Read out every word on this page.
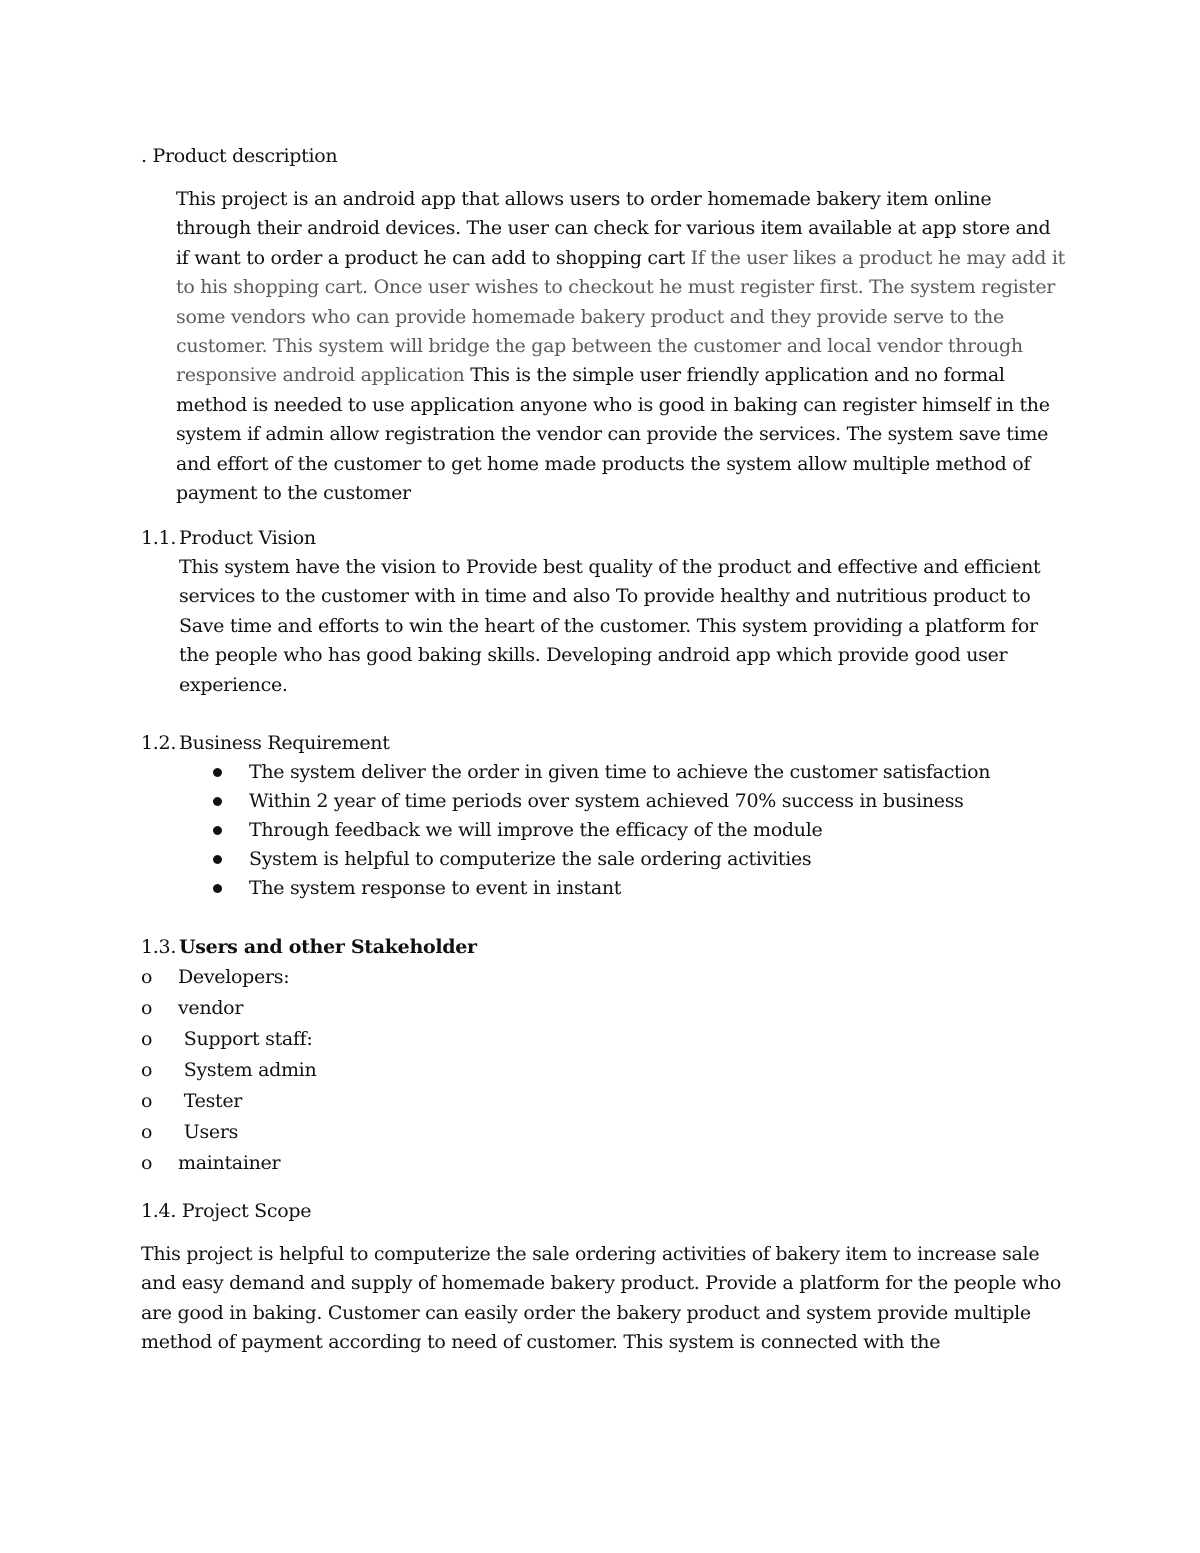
. Product description

This project is an android app that allows users to order homemade bakery item online through their android devices. The user can check for various item available at app store and if want to order a product he can add to shopping cart If the user likes a product he may add it to his shopping cart. Once user wishes to checkout he must register first. The system register some vendors who can provide homemade bakery product and they provide serve to the customer. This system will bridge the gap between the customer and local vendor through responsive android application This is the simple user friendly application and no formal method is needed to use application anyone who is good in baking can register himself in the system if admin allow registration the vendor can provide the services. The system save time and effort of the customer to get home made products the system allow multiple method of payment to the customer

1.1. Product Vision

This system have the vision to Provide best quality of the product and effective and efficient services to the customer with in time and also To provide healthy and nutritious product to Save time and efforts to win the heart of the customer. This system providing a platform for the people who has good baking skills. Developing android app which provide good user experience.

1.2. Business Requirement
The system deliver the order in given time to achieve the customer satisfaction
Within 2 year of time periods over system achieved 70% success in business
Through feedback we will improve the efficacy of the module
System is helpful to computerize the sale ordering activities
The system response to event in instant
1.3. Users and other Stakeholder
o Developers:
o vendor
o Support staff:
o System admin
o Tester
o Users
o maintainer
1.4. Project Scope

This project is helpful to computerize the sale ordering activities of bakery item to increase sale and easy demand and supply of homemade bakery product. Provide a platform for the people who are good in baking. Customer can easily order the bakery product and system provide multiple method of payment according to need of customer. This system is connected with the
